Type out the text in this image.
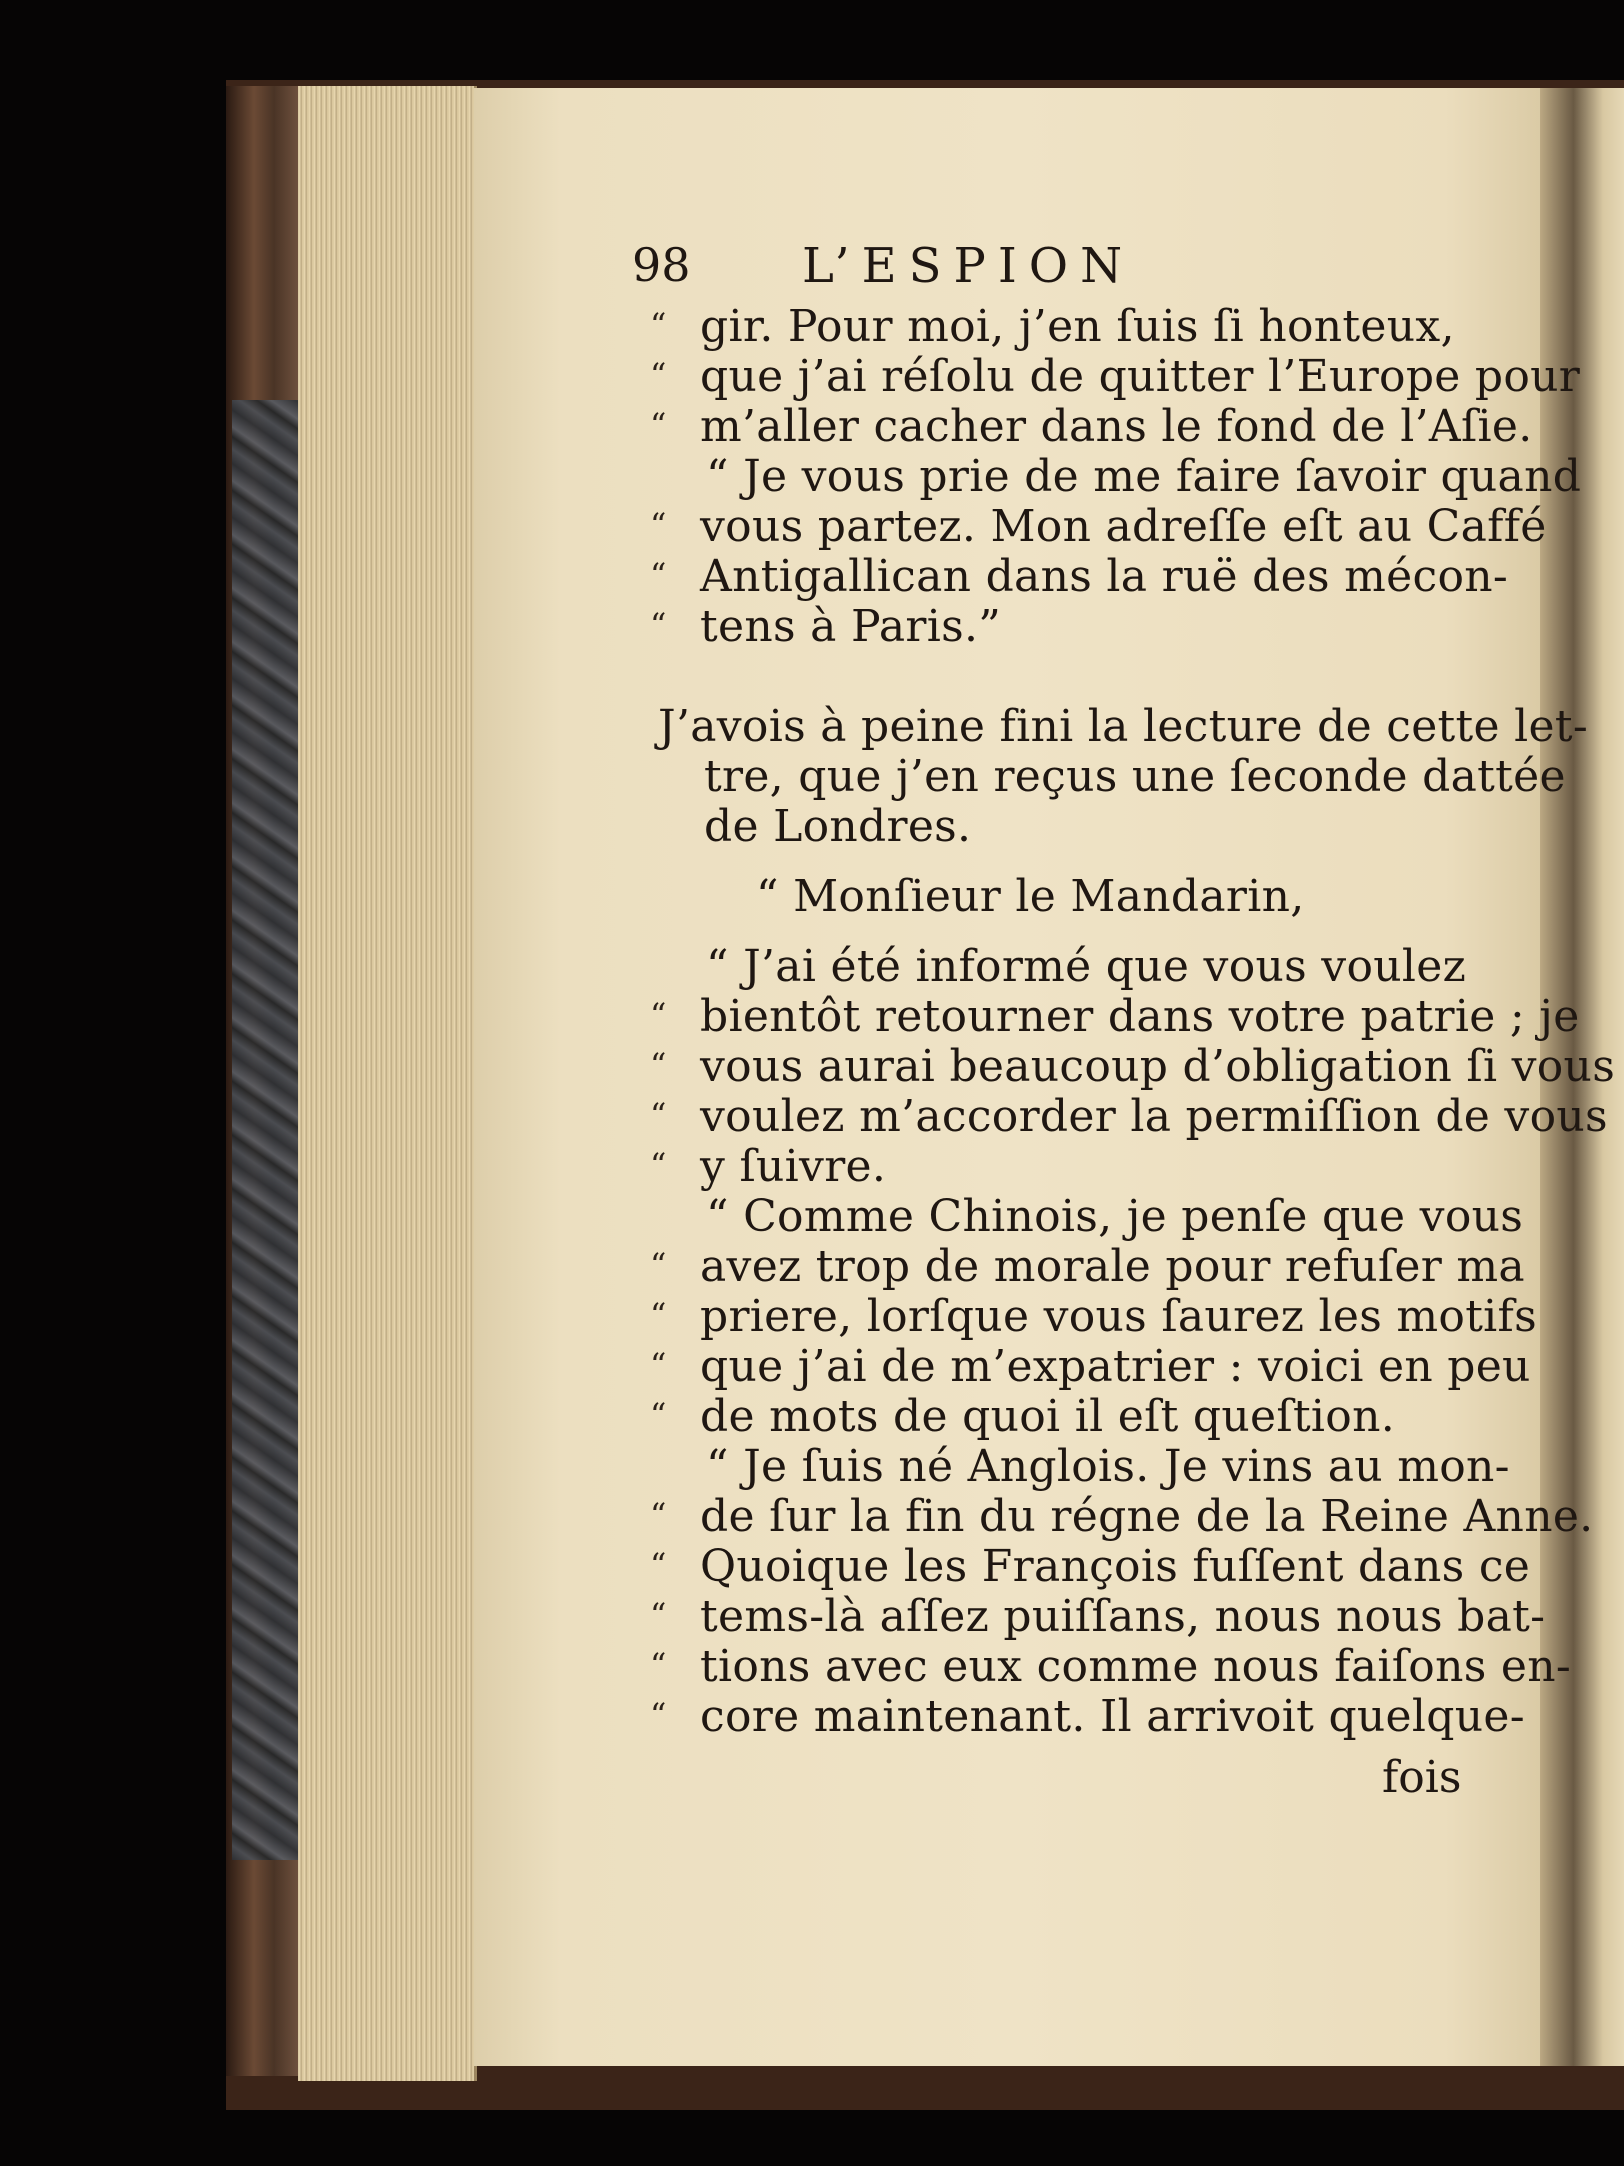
98 L’ESPION
“ gir. Pour moi, j’en ſuis ſi honteux,
“ que j’ai réſolu de quitter l’Europe pour
“ m’aller cacher dans le fond de l’Aſie.
“ Je vous prie de me faire ſavoir quand
“ vous partez. Mon adreſſe eſt au Caffé
“ Antigallican dans la ruë des mécon-
“ tens à Paris.”
J’avois à peine fini la lecture de cette let-
tre, que j’en reçus une ſeconde dattée
de Londres.
“ Monſieur le Mandarin,
“ J’ai été informé que vous voulez
“ bientôt retourner dans votre patrie ; je
“ vous aurai beaucoup d’obligation ſi vous
“ voulez m’accorder la permiſſion de vous
“ y ſuivre.
“ Comme Chinois, je penſe que vous
“ avez trop de morale pour refuſer ma
“ priere, lorſque vous ſaurez les motifs
“ que j’ai de m’expatrier : voici en peu
“ de mots de quoi il eſt queſtion.
“ Je ſuis né Anglois. Je vins au mon-
“ de ſur la fin du régne de la Reine Anne.
“ Quoique les François fuſſent dans ce
“ tems-là aſſez puiſſans, nous nous bat-
“ tions avec eux comme nous faiſons en-
“ core maintenant. Il arrivoit quelque-
fois
